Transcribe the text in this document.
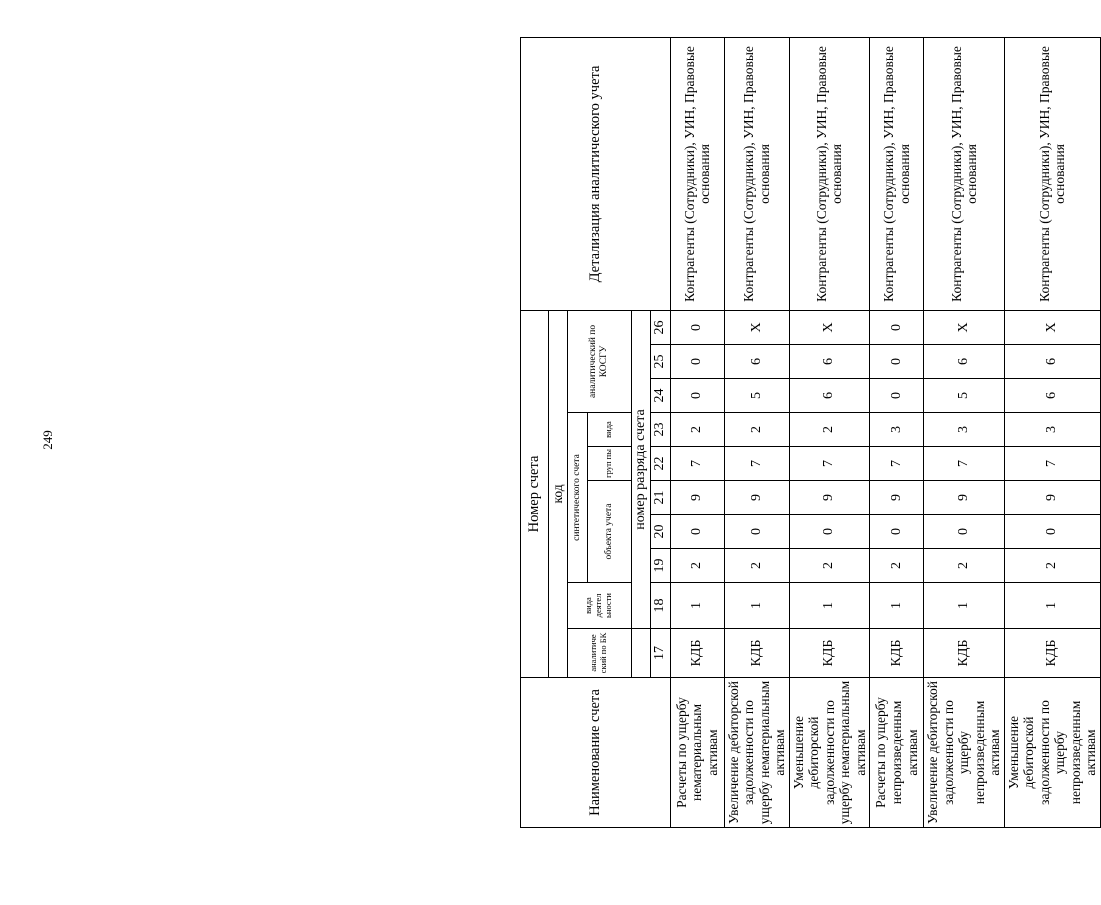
249
Наименование счета	Номер счета										Детализация аналитического учета
	код										
	аналитиче ский по БК	вида деятел ьности	синтетического счета					аналитический по КОСГУ			
			объекта учета			груп пы	вида				
		номер разряда счета									
	17	18	19	20	21	22	23	24	25	26	
Расчеты по ущербу нематериальным активам	КДБ	1	2	0	9	7	2	0	0	0	Контрагенты (Сотрудники), УИН, Правовые основания
Увеличение дебиторской задолженности по ущербу нематериальным активам	КДБ	1	2	0	9	7	2	5	6	Х	Контрагенты (Сотрудники), УИН, Правовые основания
Уменьшение дебиторской задолженности по ущербу нематериальным активам	КДБ	1	2	0	9	7	2	6	6	Х	Контрагенты (Сотрудники), УИН, Правовые основания
Расчеты по ущербу непроизведенным активам	КДБ	1	2	0	9	7	3	0	0	0	Контрагенты (Сотрудники), УИН, Правовые основания
Увеличение дебиторской задолженности по ущербу непроизведенным активам	КДБ	1	2	0	9	7	3	5	6	Х	Контрагенты (Сотрудники), УИН, Правовые основания
Уменьшение дебиторской задолженности по ущербу непроизведенным активам	КДБ	1	2	0	9	7	3	6	6	Х	Контрагенты (Сотрудники), УИН, Правовые основания
